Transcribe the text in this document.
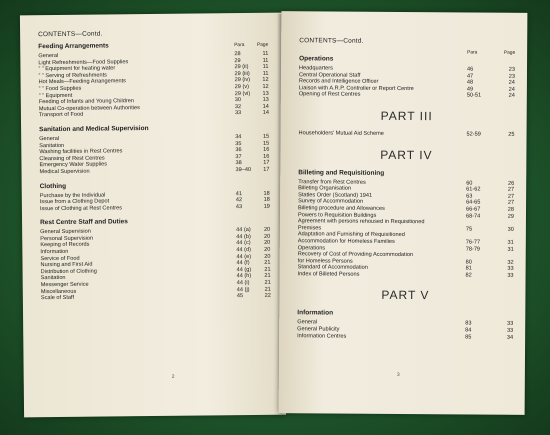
CONTENTS—Contd.
Feeding Arrangements	Para	Page
General	28	11
Light Refreshments—Food Supplies	29	11
” ” Equipment for heating water	29 (ii)	11
” ” Serving of Refreshments	29 (iii)	11
Hot Meals—Feeding Arrangements	29 (iv)	12
” ” Food Supplies	29 (v)	12
” ” Equipment	29 (vi)	13
Feeding of Infants and Young Children	30	13
Mutual Co-operation between Authorities	32	14
Transport of Food	33	14
Sanitation and Medical Supervision
General	34	15
Sanitation	35	15
Washing facilities in Rest Centres	36	16
Cleansing of Rest Centres	37	16
Emergency Water Supplies	38	17
Medical Supervision	39–40	17
Clothing
Purchase by the Individual	41	18
Issue from a Clothing Depot	42	18
Issue of Clothing at Rest Centres	43	19
Rest Centre Staff and Duties
General Supervision	44 (a)	20
Personal Supervision	44 (b)	20
Keeping of Records	44 (c)	20
Information	44 (d)	20
Service of Food	44 (e)	20
Nursing and First Aid	44 (f)	21
Distribution of Clothing	44 (g)	21
Sanitation	44 (h)	21
Messenger Service	44 (i)	21
Miscellaneous	44 (j)	21
Scale of Staff	45	22
2
CONTENTS—Contd.
Para	Page
Operations
Headquarters	46	23
Central Operational Staff	47	23
Records and Intelligence Officer	48	24
Liaison with A.R.P. Controller or Report Centre	49	24
Opening of Rest Centres	50-51	24
PART III
Householders' Mutual Aid Scheme	52-59	25
PART IV
Billeting and Requisitioning
Transfer from Rest Centres	60	26
Billeting Organisation	61-62	27
Statles Order (Scotland) 1941	63	27
Survey of Accommodation	64-65	27
Billeting procedure and Allowances	66-67	28
Powers to Requisition Buildings	68-74	29
Agreement with persons rehoused in Requisitioned
Premises	75	30
Adaptation and Furnishing of Requisitioned
Accommodation for Homeless Families	76-77	31
Operations	78-79	31
Recovery of Cost of Providing Accommodation
for Homeless Persons	80	32
Standard of Accommodation	81	33
Index of Billeted Persons	82	33
PART V
Information
General	83	33
General Publicity	84	33
Information Centres	85	34
3
